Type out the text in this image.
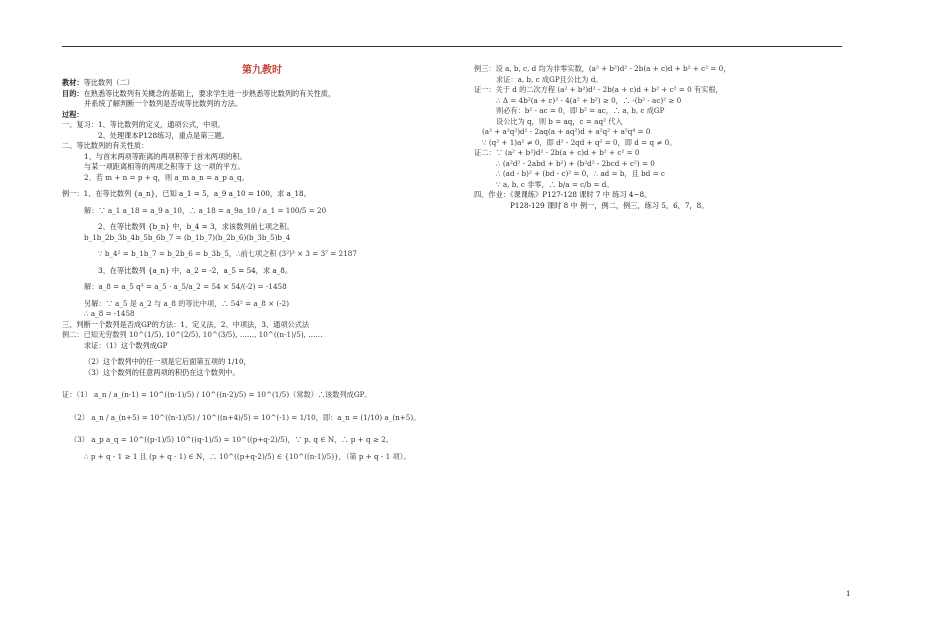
第九教时

教材：等比数列（二）

目的：在熟悉等比数列有关概念的基础上，要求学生进一步熟悉等比数列的有关性质，

并系统了解判断一个数列是否成等比数列的方法。

过程：

一、复习：1、等比数列的定义，通项公式，中项。

2、处理课本P128练习，重点是第三题。

二、等比数列的有关性质：

1、与首末两项等距离的两项积等于首末两项的积。

与某一项距离相等的两项之积等于 这一项的平方。

2、若 m + n = p + q，则 a_m a_n = a_p a_q。

例一：1、在等比数列 {a_n}，已知 a_1 = 5，a_9 a_10 = 100，求 a_18。

解：∵ a_1 a_18 = a_9 a_10，∴ a_18 = a_9a_10 / a_1 = 100/5 = 20

2、在等比数列 {b_n} 中，b_4 = 3，求该数列前七项之积。

b_1b_2b_3b_4b_5b_6b_7 = (b_1b_7)(b_2b_6)(b_3b_5)b_4

∵ b_4² = b_1b_7 = b_2b_6 = b_3b_5，∴前七项之积 (3²)³ × 3 = 3⁷ = 2187

3、在等比数列 {a_n} 中，a_2 = -2，a_5 = 54，求 a_8。

解：a_8 = a_5 q³ = a_5 · a_5/a_2 = 54 × 54/(-2) = -1458

另解：∵ a_5 是 a_2 与 a_8 的等比中项，∴ 54² = a_8 × (-2)

∴ a_8 = -1458

三、判断一个数列是否成GP的方法：1、定义法，2、中项法，3、通项公式法

例二：已知无穷数列 10^(1/5), 10^(2/5), 10^(3/5), ……, 10^((n-1)/5), ……

求证：（1）这个数列成GP

（2）这个数列中的任一项是它后面第五项的 1/10，

（3）这个数列的任意两项的积仍在这个数列中。

证：（1） a_n / a_(n-1) = 10^((n-1)/5) / 10^((n-2)/5) = 10^(1/5)（常数）∴该数列成GP。

（2） a_n / a_(n+5) = 10^((n-1)/5) / 10^((n+4)/5) = 10^(-1) = 1/10，即：a_n = (1/10) a_(n+5)。

（3） a_p a_q = 10^((p-1)/5) 10^((q-1)/5) = 10^((p+q-2)/5)，∵ p, q ∈ N，∴ p + q ≥ 2。

∴ p + q - 1 ≥ 1 且 (p + q - 1) ∈ N，∴ 10^((p+q-2)/5) ∈ {10^((n-1)/5)}，（第 p + q - 1 项）。

例三：设 a, b, c, d 均为非零实数，(a² + b²)d² - 2b(a + c)d + b² + c² = 0，

求证：a, b, c 成GP且公比为 d。

证一：关于 d 的二次方程 (a² + b²)d² - 2b(a + c)d + b² + c² = 0 有实根，

∴ Δ = 4b²(a + c)² - 4(a² + b²) ≥ 0，∴ -(b² - ac)² ≥ 0

则必有：b² - ac = 0，即 b² = ac，∴ a, b, c 成GP

设公比为 q，则 b = aq，c = aq² 代入

(a² + a²q²)d² - 2aq(a + aq²)d + a²q² + a²q⁴ = 0

∵ (q² + 1)a² ≠ 0，即 d² - 2qd + q² = 0，即 d = q ≠ 0。

证二：∵ (a² + b²)d² - 2b(a + c)d + b² + c² = 0

∴ (a²d² - 2abd + b²) + (b²d² - 2bcd + c²) = 0

∴ (ad - b)² + (bd - c)² = 0，∴ ad = b，且 bd = c

∵ a, b, c 非零，∴ b/a = c/b = d。

四、作业：《课课练》P127-128 课时 7 中 练习 4~8。

P128-129 课时 8 中 例一，例二，例三，练习 5，6，7，8。

1
